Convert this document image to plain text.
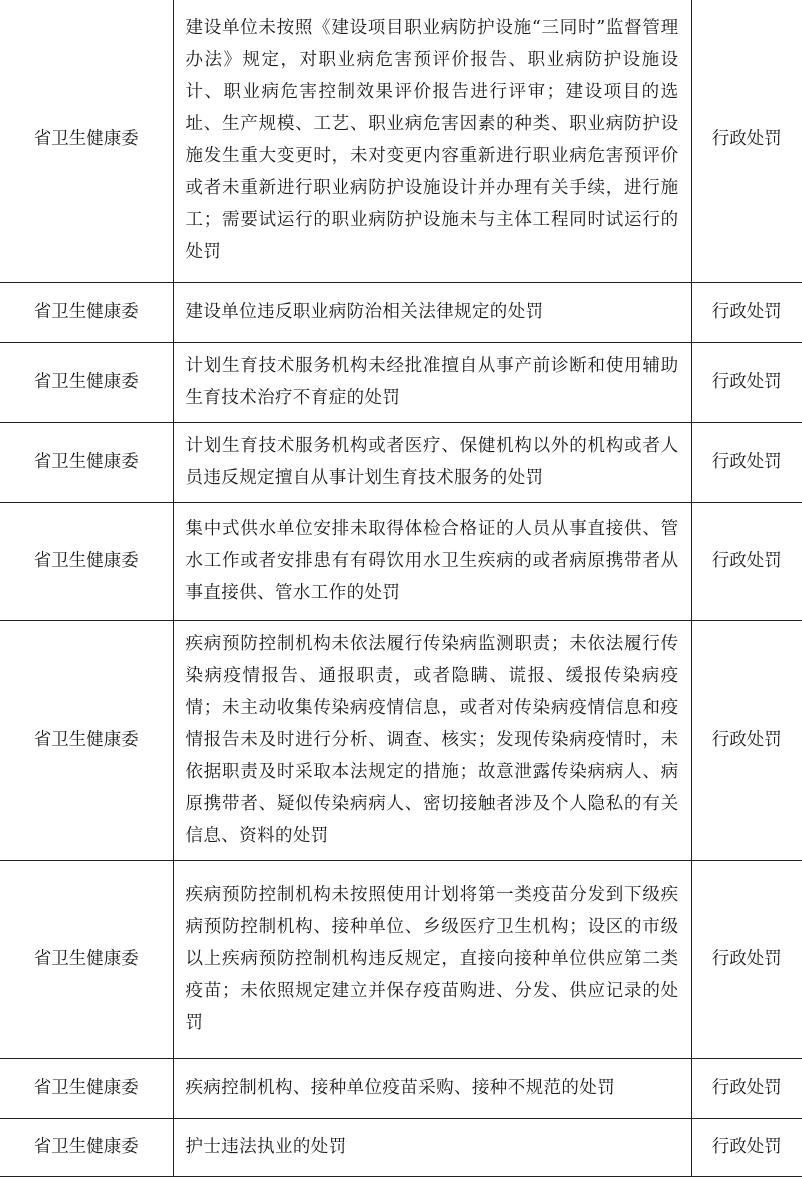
省卫生健康委	建设单位未按照《建设项目职业病防护设施“三同时”监督管理办法》规定，对职业病危害预评价报告、职业病防护设施设计、职业病危害控制效果评价报告进行评审；建设项目的选址、生产规模、工艺、职业病危害因素的种类、职业病防护设施发生重大变更时，未对变更内容重新进行职业病危害预评价或者未重新进行职业病防护设施设计并办理有关手续，进行施工；需要试运行的职业病防护设施未与主体工程同时试运行的处罚	行政处罚
省卫生健康委	建设单位违反职业病防治相关法律规定的处罚	行政处罚
省卫生健康委	计划生育技术服务机构未经批准擅自从事产前诊断和使用辅助生育技术治疗不育症的处罚	行政处罚
省卫生健康委	计划生育技术服务机构或者医疗、保健机构以外的机构或者人员违反规定擅自从事计划生育技术服务的处罚	行政处罚
省卫生健康委	集中式供水单位安排未取得体检合格证的人员从事直接供、管水工作或者安排患有有碍饮用水卫生疾病的或者病原携带者从事直接供、管水工作的处罚	行政处罚
省卫生健康委	疾病预防控制机构未依法履行传染病监测职责；未依法履行传染病疫情报告、通报职责，或者隐瞒、谎报、缓报传染病疫情；未主动收集传染病疫情信息，或者对传染病疫情信息和疫情报告未及时进行分析、调查、核实；发现传染病疫情时，未依据职责及时采取本法规定的措施；故意泄露传染病病人、病原携带者、疑似传染病病人、密切接触者涉及个人隐私的有关信息、资料的处罚	行政处罚
省卫生健康委	疾病预防控制机构未按照使用计划将第一类疫苗分发到下级疾病预防控制机构、接种单位、乡级医疗卫生机构；设区的市级以上疾病预防控制机构违反规定，直接向接种单位供应第二类疫苗；未依照规定建立并保存疫苗购进、分发、供应记录的处罚	行政处罚
省卫生健康委	疾病控制机构、接种单位疫苗采购、接种不规范的处罚	行政处罚
省卫生健康委	护士违法执业的处罚	行政处罚
